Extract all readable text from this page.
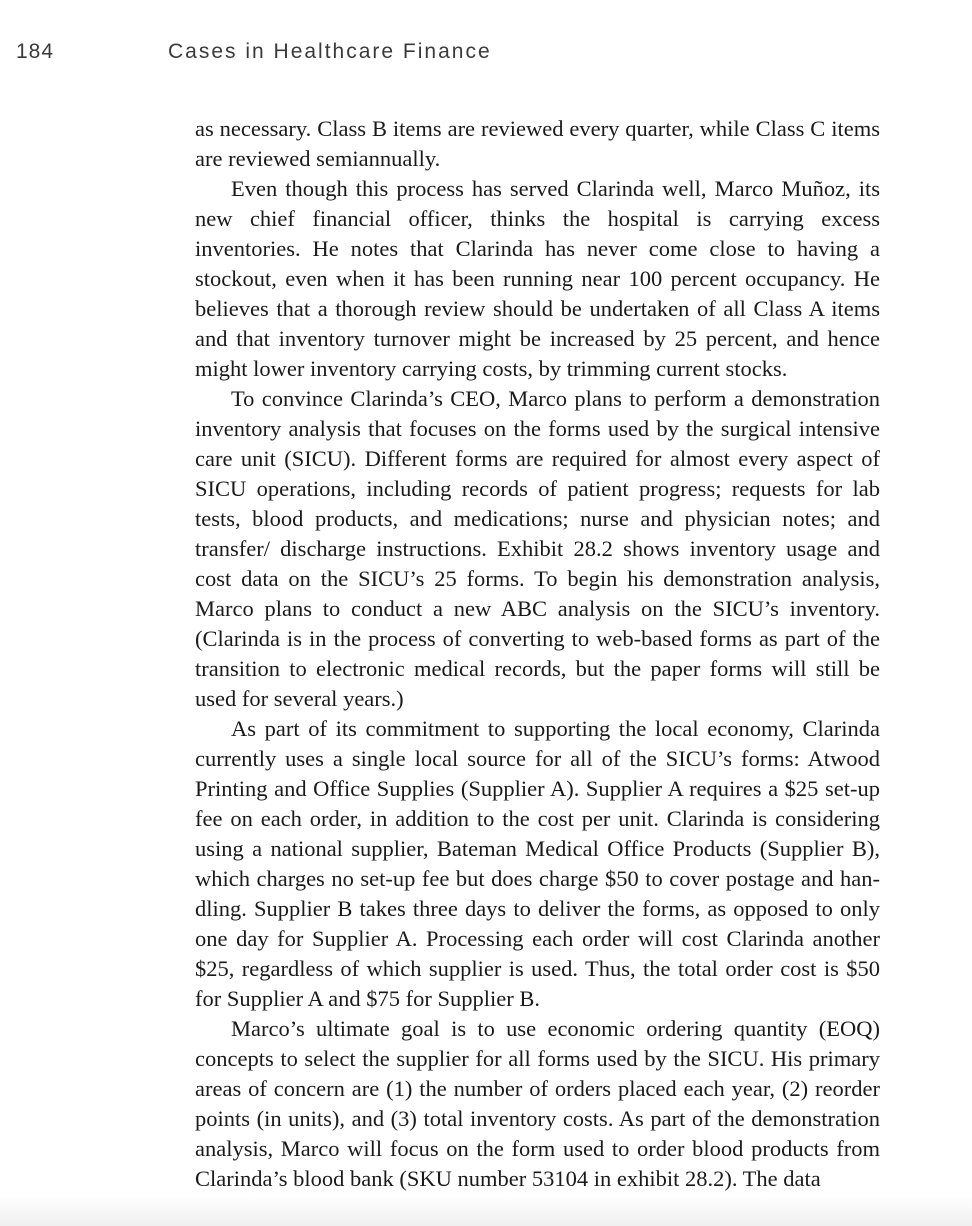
184	Cases in Healthcare Finance

as necessary. Class B items are reviewed every quarter, while Class C items are reviewed semiannually.

Even though this process has served Clarinda well, Marco Muñoz, its new chief financial officer, thinks the hospital is carrying excess inventories. He notes that Clarinda has never come close to having a stockout, even when it has been running near 100 percent occupancy. He believes that a thorough review should be undertaken of all Class A items and that inventory turnover might be increased by 25 percent, and hence might lower inventory carrying costs, by trimming current stocks.

To convince Clarinda’s CEO, Marco plans to perform a demonstration inventory analysis that focuses on the forms used by the surgical intensive care unit (SICU). Different forms are required for almost every aspect of SICU operations, including records of patient progress; requests for lab tests, blood products, and medications; nurse and physician notes; and transfer/ discharge instructions. Exhibit 28.2 shows inventory usage and cost data on the SICU’s 25 forms. To begin his demonstration analysis, Marco plans to conduct a new ABC analysis on the SICU’s inventory. (Clarinda is in the process of converting to web-based forms as part of the transition to electronic medical records, but the paper forms will still be used for several years.)

As part of its commitment to supporting the local economy, Clarinda currently uses a single local source for all of the SICU’s forms: Atwood Printing and Office Supplies (Supplier A). Supplier A requires a $25 set-up fee on each order, in addition to the cost per unit. Clarinda is considering using a national supplier, Bateman Medical Office Products (Supplier B), which charges no set-up fee but does charge $50 to cover postage and handling. Supplier B takes three days to deliver the forms, as opposed to only one day for Supplier A. Processing each order will cost Clarinda another $25, regardless of which supplier is used. Thus, the total order cost is $50 for Supplier A and $75 for Supplier B.

Marco’s ultimate goal is to use economic ordering quantity (EOQ) concepts to select the supplier for all forms used by the SICU. His primary areas of concern are (1) the number of orders placed each year, (2) reorder points (in units), and (3) total inventory costs. As part of the demonstration analysis, Marco will focus on the form used to order blood products from Clarinda’s blood bank (SKU number 53104 in exhibit 28.2). The data
